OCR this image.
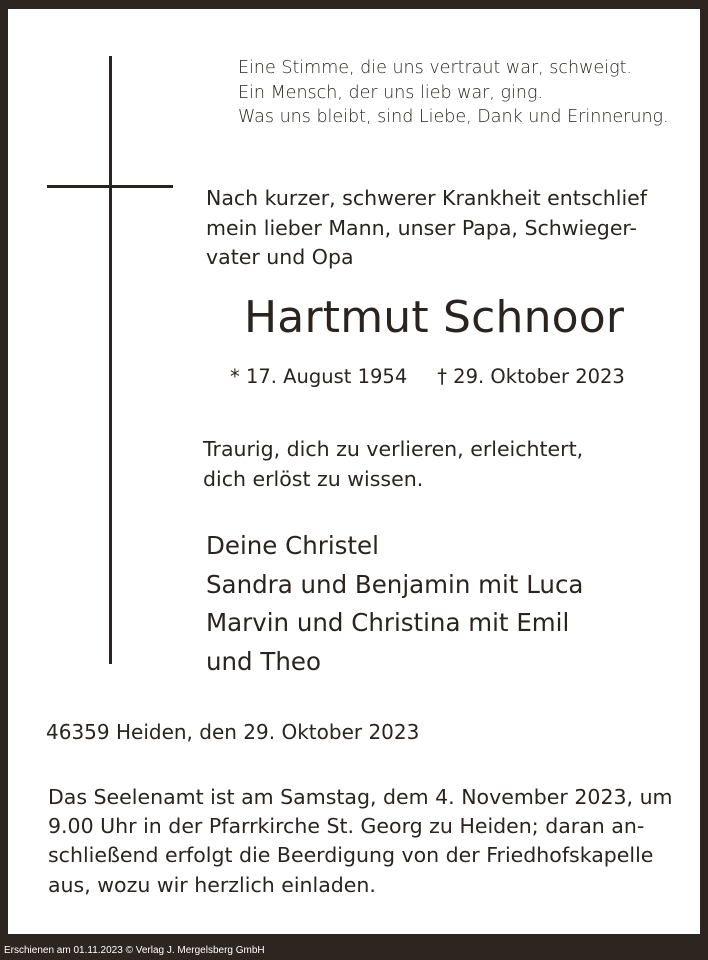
Eine Stimme, die uns vertraut war, schweigt.
Ein Mensch, der uns lieb war, ging.
Was uns bleibt, sind Liebe, Dank und Erinnerung.
Nach kurzer, schwerer Krankheit entschlief
mein lieber Mann, unser Papa, Schwieger-
vater und Opa
Hartmut Schnoor
* 17. August 1954 † 29. Oktober 2023
Traurig, dich zu verlieren, erleichtert,
dich erlöst zu wissen.
Deine Christel
Sandra und Benjamin mit Luca
Marvin und Christina mit Emil
und Theo
46359 Heiden, den 29. Oktober 2023
Das Seelenamt ist am Samstag, dem 4. November 2023, um
9.00 Uhr in der Pfarrkirche St. Georg zu Heiden; daran an-
schließend erfolgt die Beerdigung von der Friedhofskapelle
aus, wozu wir herzlich einladen.
Erschienen am 01.11.2023 © Verlag J. Mergelsberg GmbH
